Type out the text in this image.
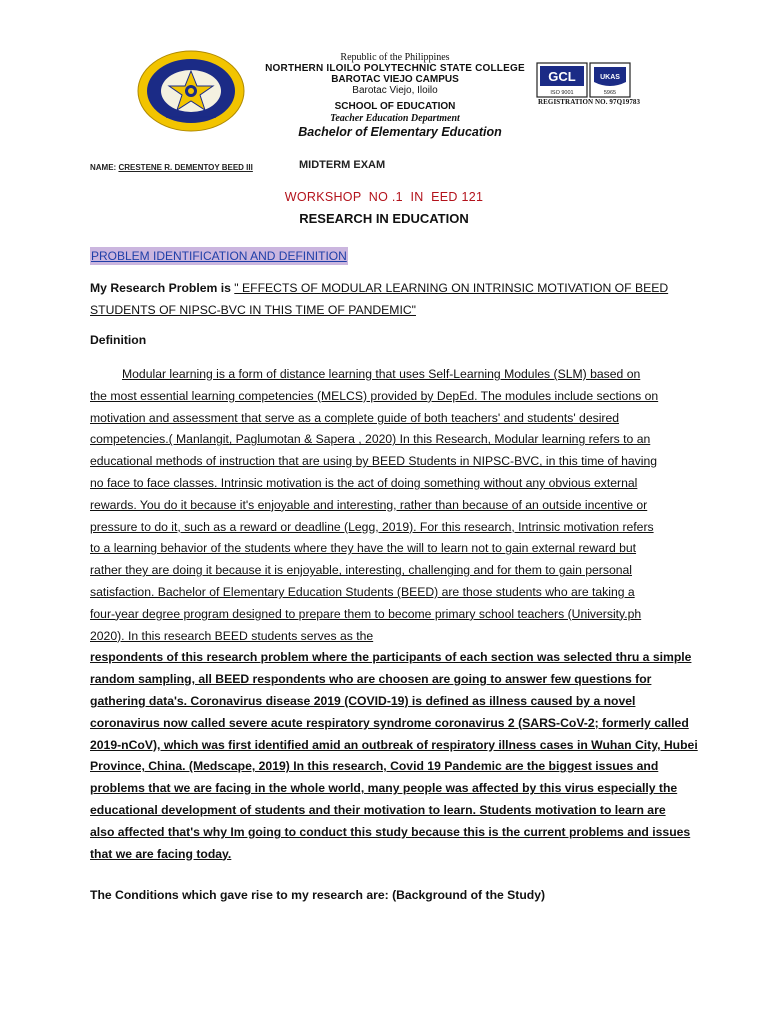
Republic of the Philippines
NORTHERN ILOILO POLYTECHNIC STATE COLLEGE
BAROTAC VIEJO CAMPUS
Barotac Viejo, Iloilo
SCHOOL OF EDUCATION
Teacher Education Department
Bachelor of Elementary Education
GCL
ISO 9001
UKAS
5965
REGISTRATION NO. 97Q19783
NAME: CRESTENE R. DEMENTOY BEED III	MIDTERM EXAM
WORKSHOP  NO .1  IN  EED 121
RESEARCH IN EDUCATION
PROBLEM IDENTIFICATION AND DEFINITION
My Research Problem is " EFFECTS OF MODULAR LEARNING ON INTRINSIC MOTIVATION OF BEED
STUDENTS OF NIPSC-BVC IN THIS TIME OF PANDEMIC"
Definition
Modular learning is a form of distance learning that uses Self-Learning Modules (SLM) based on
the most essential learning competencies (MELCS) provided by DepEd. The modules include sections on
motivation and assessment that serve as a complete guide of both teachers' and students' desired
competencies.( Manlangit, Paglumotan & Sapera , 2020) In this Research, Modular learning refers to an
educational methods of instruction that are using by BEED Students in NIPSC-BVC, in this time of having
no face to face classes. Intrinsic motivation is the act of doing something without any obvious external
rewards. You do it because it's enjoyable and interesting, rather than because of an outside incentive or
pressure to do it, such as a reward or deadline (Legg, 2019). For this research, Intrinsic motivation refers
to a learning behavior of the students where they have the will to learn not to gain external reward but
rather they are doing it because it is enjoyable, interesting, challenging and for them to gain personal
satisfaction. Bachelor of Elementary Education Students (BEED) are those students who are taking a
four-year degree program designed to prepare them to become primary school teachers (University.ph
2020). In this research BEED students serves as the
respondents of this research problem where the participants of each section was selected thru a simple
random sampling, all BEED respondents who are choosen are going to answer few questions for
gathering data's. Coronavirus disease 2019 (COVID-19) is defined as illness caused by a novel
coronavirus now called severe acute respiratory syndrome coronavirus 2 (SARS-CoV-2; formerly called
2019-nCoV), which was first identified amid an outbreak of respiratory illness cases in Wuhan City, Hubei
Province, China. (Medscape, 2019) In this research, Covid 19 Pandemic are the biggest issues and
problems that we are facing in the whole world, many people was affected by this virus especially the
educational development of students and their motivation to learn. Students motivation to learn are
also affected that's why Im going to conduct this study because this is the current problems and issues
that we are facing today.
The Conditions which gave rise to my research are: (Background of the Study)
